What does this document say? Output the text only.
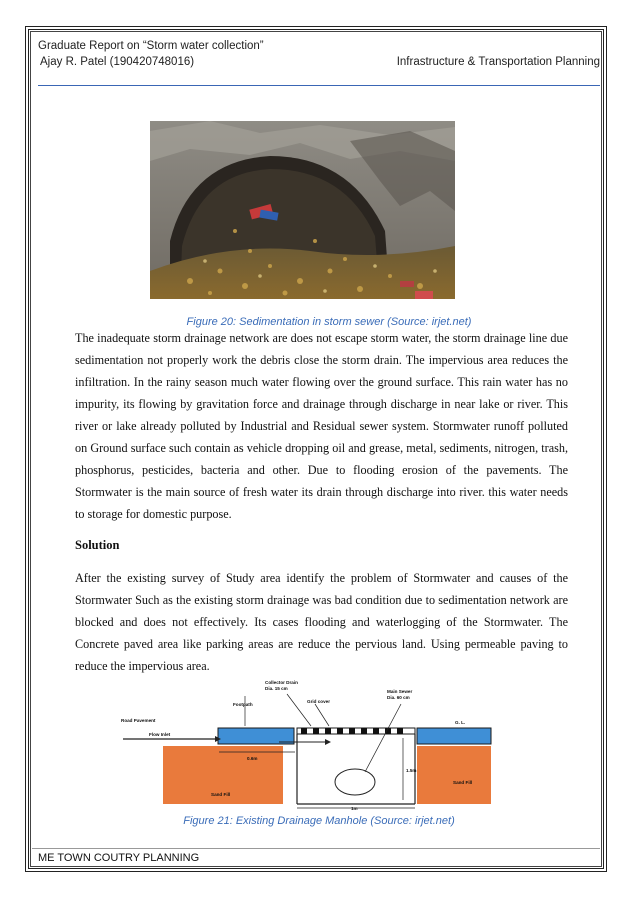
Graduate Report on “Storm water collection”
Ajay R. Patel (190420748016)	Infrastructure & Transportation Planning
Figure 20: Sedimentation in storm sewer (Source: irjet.net)
The inadequate storm drainage network are does not escape storm water, the storm drainage line due sedimentation not properly work the debris close the storm drain. The impervious area reduces the infiltration. In the rainy season much water flowing over the ground surface. This rain water has no impurity, its flowing by gravitation force and drainage through discharge in near lake or river. This river or lake already polluted by Industrial and Residual sewer system. Stormwater runoff polluted on Ground surface such contain as vehicle dropping oil and grease, metal, sediments, nitrogen, trash, phosphorus, pesticides, bacteria and other. Due to flooding erosion of the pavements. The Stormwater is the main source of fresh water its drain through discharge into river. this water needs to storage for domestic purpose.
Solution
After the existing survey of Study area identify the problem of Stormwater and causes of the Stormwater Such as the existing storm drainage was bad condition due to sedimentation network are blocked and does not effectively. Its cases flooding and waterlogging of the Stormwater. The Concrete paved area like parking areas are reduce the pervious land. Using permeable paving to reduce the impervious area.
Collector Drain
Dia. 15 cm
Footpath
Grid cover
Main Sewer
Dia. 60 cm
Road Pavement
Flow Inlet
G. L.
0.6m
1.5m
1m
Sand Fill
Sand Fill
Figure 21: Existing Drainage Manhole (Source: irjet.net)
ME TOWN COUTRY PLANNING
